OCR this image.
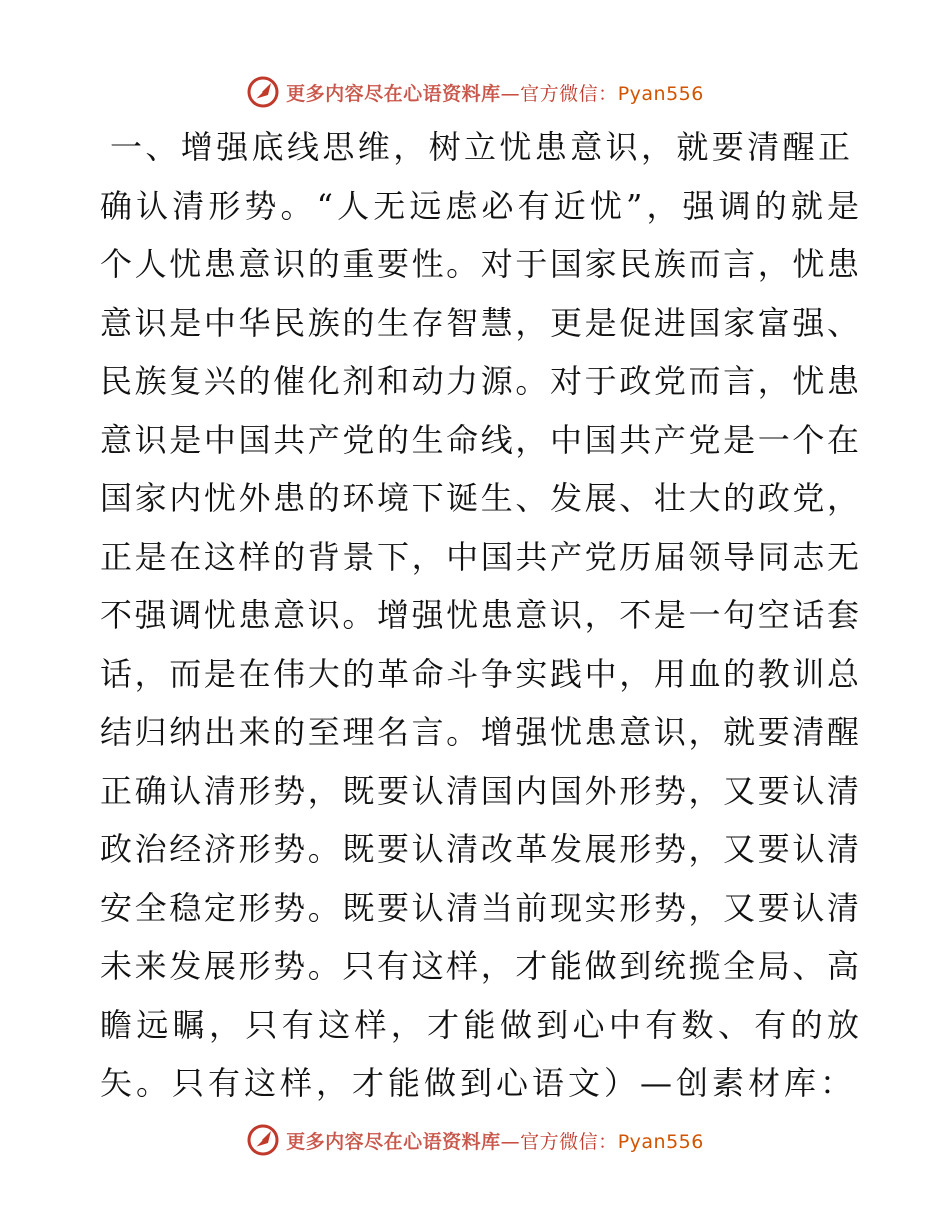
更多内容尽在心语资料库—官方微信：Pyan556
一、增强底线思维，树立忧患意识，就要清醒正
确认清形势。“人无远虑必有近忧”，强调的就是
个人忧患意识的重要性。对于国家民族而言，忧患
意识是中华民族的生存智慧，更是促进国家富强、
民族复兴的催化剂和动力源。对于政党而言，忧患
意识是中国共产党的生命线，中国共产党是一个在
国家内忧外患的环境下诞生、发展、壮大的政党，
正是在这样的背景下，中国共产党历届领导同志无
不强调忧患意识。增强忧患意识，不是一句空话套
话，而是在伟大的革命斗争实践中，用血的教训总
结归纳出来的至理名言。增强忧患意识，就要清醒
正确认清形势，既要认清国内国外形势，又要认清
政治经济形势。既要认清改革发展形势，又要认清
安全稳定形势。既要认清当前现实形势，又要认清
未来发展形势。只有这样，才能做到统揽全局、高
瞻远瞩，只有这样，才能做到心中有数、有的放
矢。只有这样，才能做到心语文）—创素材库：
更多内容尽在心语资料库—官方微信：Pyan556
